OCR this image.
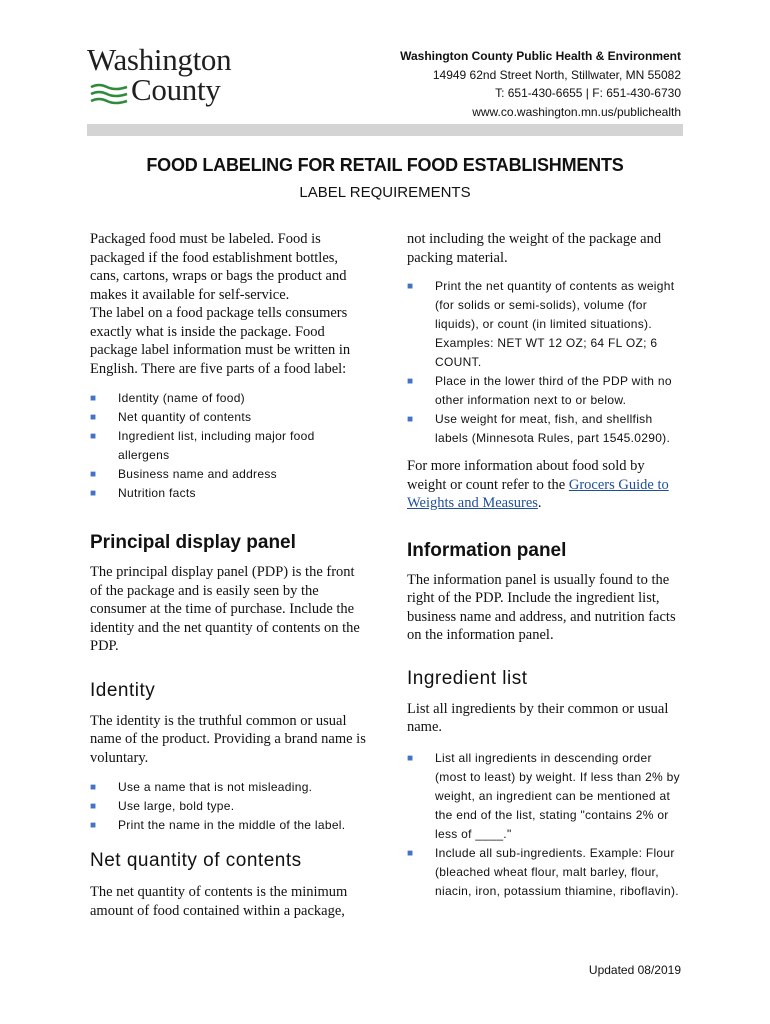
Washington
County
Washington County Public Health & Environment
14949 62nd Street North, Stillwater, MN 55082
T: 651-430-6655 | F: 651-430-6730
www.co.washington.mn.us/publichealth
FOOD LABELING FOR RETAIL FOOD ESTABLISHMENTS
LABEL REQUIREMENTS

Packaged food must be labeled. Food is packaged if the food establishment bottles, cans, cartons, wraps or bags the product and makes it available for self-service.

The label on a food package tells consumers exactly what is inside the package. Food package label information must be written in English. There are five parts of a food label:

■ Identity (name of food)
■ Net quantity of contents
■ Ingredient list, including major food allergens
■ Business name and address
■ Nutrition facts
Principal display panel

The principal display panel (PDP) is the front of the package and is easily seen by the consumer at the time of purchase. Include the identity and the net quantity of contents on the PDP.

Identity

The identity is the truthful common or usual name of the product. Providing a brand name is voluntary.

■ Use a name that is not misleading.
■ Use large, bold type.
■ Print the name in the middle of the label.
Net quantity of contents

The net quantity of contents is the minimum amount of food contained within a package,

not including the weight of the package and packing material.

■ Print the net quantity of contents as weight (for solids or semi-solids), volume (for liquids), or count (in limited situations). Examples: NET WT 12 OZ; 64 FL OZ; 6 COUNT.
■ Place in the lower third of the PDP with no other information next to or below.
■ Use weight for meat, fish, and shellfish labels (Minnesota Rules, part 1545.0290).

For more information about food sold by weight or count refer to the Grocers Guide to Weights and Measures.

Information panel

The information panel is usually found to the right of the PDP. Include the ingredient list, business name and address, and nutrition facts on the information panel.

Ingredient list

List all ingredients by their common or usual name.

■ List all ingredients in descending order (most to least) by weight. If less than 2% by weight, an ingredient can be mentioned at the end of the list, stating "contains 2% or less of ____."
■ Include all sub-ingredients. Example: Flour (bleached wheat flour, malt barley, flour, niacin, iron, potassium thiamine, riboflavin).
Updated 08/2019
